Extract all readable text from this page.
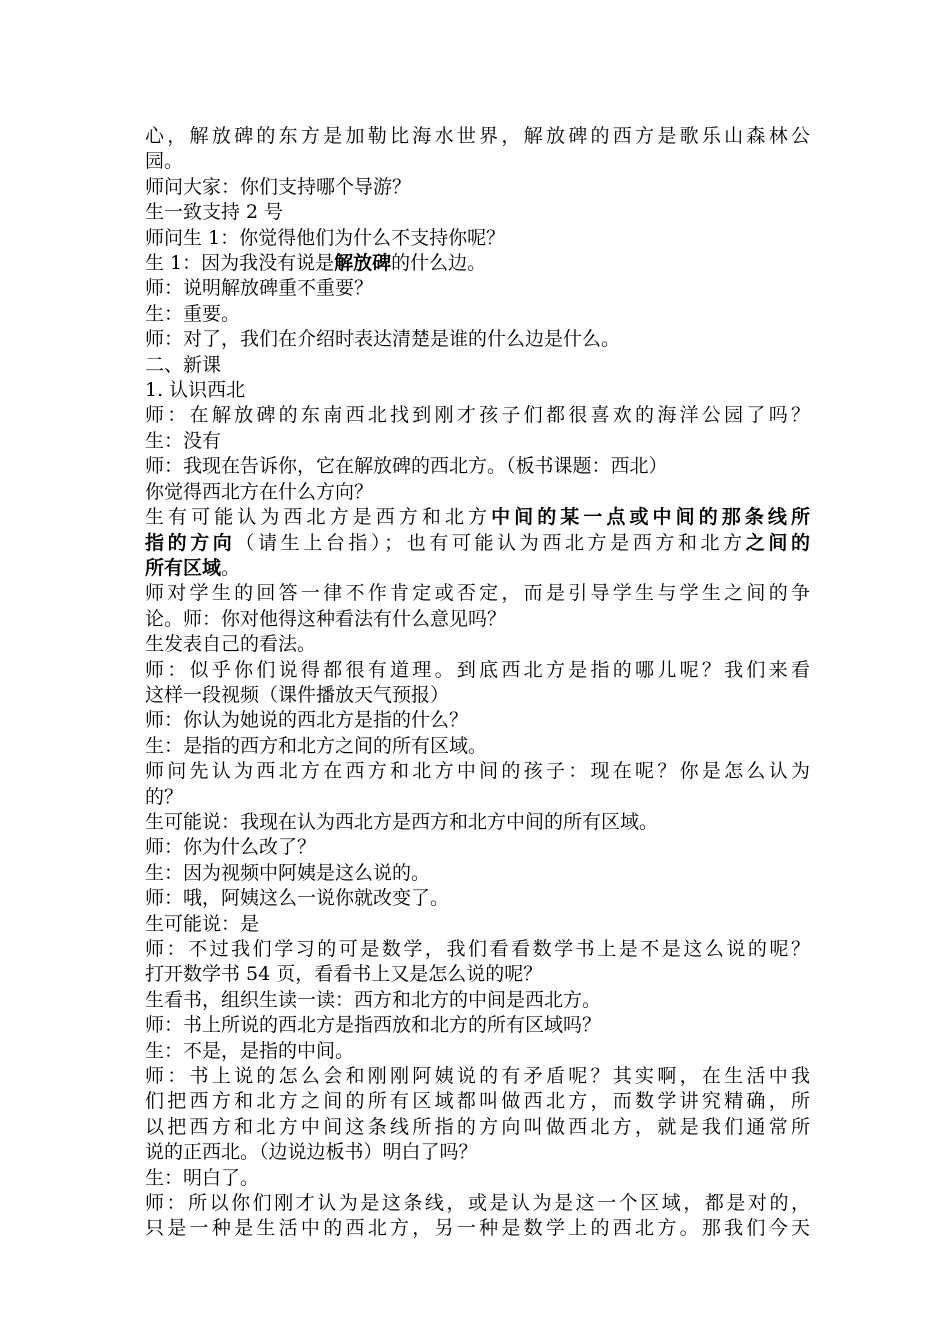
心，解放碑的东方是加勒比海水世界，解放碑的西方是歌乐山森林公
园。
师问大家：你们支持哪个导游？
生一致支持 2 号
师问生 1：你觉得他们为什么不支持你呢？
生 1：因为我没有说是解放碑的什么边。
师：说明解放碑重不重要？
生：重要。
师：对了，我们在介绍时表达清楚是谁的什么边是什么。
二、新课
1. 认识西北
师：在解放碑的东南西北找到刚才孩子们都很喜欢的海洋公园了吗？
生：没有
师：我现在告诉你，它在解放碑的西北方。（板书课题：西北）
你觉得西北方在什么方向？
生有可能认为西北方是西方和北方中间的某一点或中间的那条线所
指的方向（请生上台指）；也有可能认为西北方是西方和北方之间的
所有区域。
师对学生的回答一律不作肯定或否定，而是引导学生与学生之间的争
论。师：你对他得这种看法有什么意见吗？
生发表自己的看法。
师：似乎你们说得都很有道理。到底西北方是指的哪儿呢？我们来看
这样一段视频（课件播放天气预报）
师：你认为她说的西北方是指的什么？
生：是指的西方和北方之间的所有区域。
师问先认为西北方在西方和北方中间的孩子：现在呢？你是怎么认为
的？
生可能说：我现在认为西北方是西方和北方中间的所有区域。
师：你为什么改了？
生：因为视频中阿姨是这么说的。
师：哦，阿姨这么一说你就改变了。
生可能说：是
师：不过我们学习的可是数学，我们看看数学书上是不是这么说的呢？
打开数学书 54 页，看看书上又是怎么说的呢？
生看书，组织生读一读：西方和北方的中间是西北方。
师：书上所说的西北方是指西放和北方的所有区域吗？
生：不是，是指的中间。
师：书上说的怎么会和刚刚阿姨说的有矛盾呢？其实啊，在生活中我
们把西方和北方之间的所有区域都叫做西北方，而数学讲究精确，所
以把西方和北方中间这条线所指的方向叫做西北方，就是我们通常所
说的正西北。（边说边板书）明白了吗？
生：明白了。
师：所以你们刚才认为是这条线，或是认为是这一个区域，都是对的，
只是一种是生活中的西北方，另一种是数学上的西北方。那我们今天
